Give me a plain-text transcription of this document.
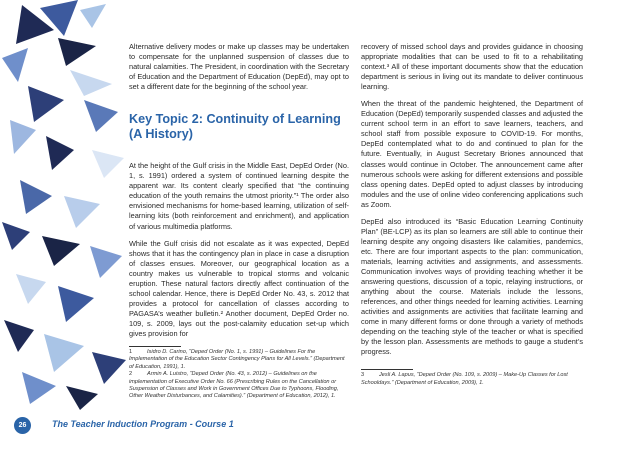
Alternative delivery modes or make up classes may be undertaken to compensate for the unplanned suspension of classes due to natural calamities. The President, in coordination with the Secretary of Education and the Department of Education (DepEd), may opt to set a different date for the beginning of the school year.

Key Topic 2: Continuity of Learning
(A History)

At the height of the Gulf crisis in the Middle East, DepEd Order (No. 1, s. 1991) ordered a system of continued learning despite the apparent war. Its content clearly specified that “the continuing education of the youth remains the utmost priority.”¹ The order also envisioned mechanisms for home-based learning, utilization of self-learning kits (both reinforcement and enrichment), and application of various multimedia platforms.

While the Gulf crisis did not escalate as it was expected, DepEd shows that it has the contingency plan in place in case a disruption of classes ensues. Moreover, our geographical location as a country makes us vulnerable to tropical storms and volcanic eruption. These natural factors directly affect continuation of the school calendar. Hence, there is DepEd Order No. 43, s. 2012 that provides a protocol for cancellation of classes according to PAGASA’s weather bulletin.² Another document, DepEd Order no. 109, s. 2009, lays out the post-calamity education set-up which gives provision for

1	Isidro D. Carino, “Deped Order (No. 1, s. 1991) – Guidelines For the Implementation of the Education Sector Contingency Plans for All Levels.” (Department of Education, 1991), 1.

2	Armin A. Luistro, “Deped Order (No. 43, s. 2012) – Guidelines on the implementation of Executive Order No. 66 (Prescribing Rules on the Cancellation or Suspension of Classes and Work in Government Offices Due to Typhoons, Flooding, Other Weather Disturbances, and Calamities).” (Department of Education, 2012), 1.

recovery of missed school days and provides guidance in choosing appropriate modalities that can be used to fit to a rehabilitating context.³ All of these important documents show that the education department is serious in living out its mandate to deliver continuous learning.

When the threat of the pandemic heightened, the Department of Education (DepEd) temporarily suspended classes and adjusted the current school term in an effort to save learners, teachers, and school staff from possible exposure to COVID-19. For months, DepEd contemplated what to do and continued to plan for the future. Eventually, in August Secretary Briones announced that classes would continue in October. The announcement came after numerous schools were asking for different extensions and possible class opening dates. DepEd opted to adjust classes by introducing modules and the use of online video conferencing applications such as Zoom.

DepEd also introduced its “Basic Education Learning Continuity Plan” (BE-LCP) as its plan so learners are still able to continue their learning despite any ongoing disasters like calamities, pandemics, etc. There are four important aspects to the plan: communication, materials, learning activities and assignments, and assessments. Communication involves ways of providing teaching whether it be answering questions, discussion of a topic, relaying instructions, or anything about the course. Materials include the lessons, references, and other things needed for learning activities. Learning activities and assignments are activities that facilitate learning and come in many different forms or done through a variety of methods depending on the teaching style of the teacher or what is specified by the lesson plan. Assessments are methods to gauge a student’s progress.

3	Jesli A. Lapus, “Deped Order (No. 109, s. 2009) – Make-Up Classes for Lost Schooldays.” (Department of Education, 2009), 1.

26	The Teacher Induction Program - Course 1
